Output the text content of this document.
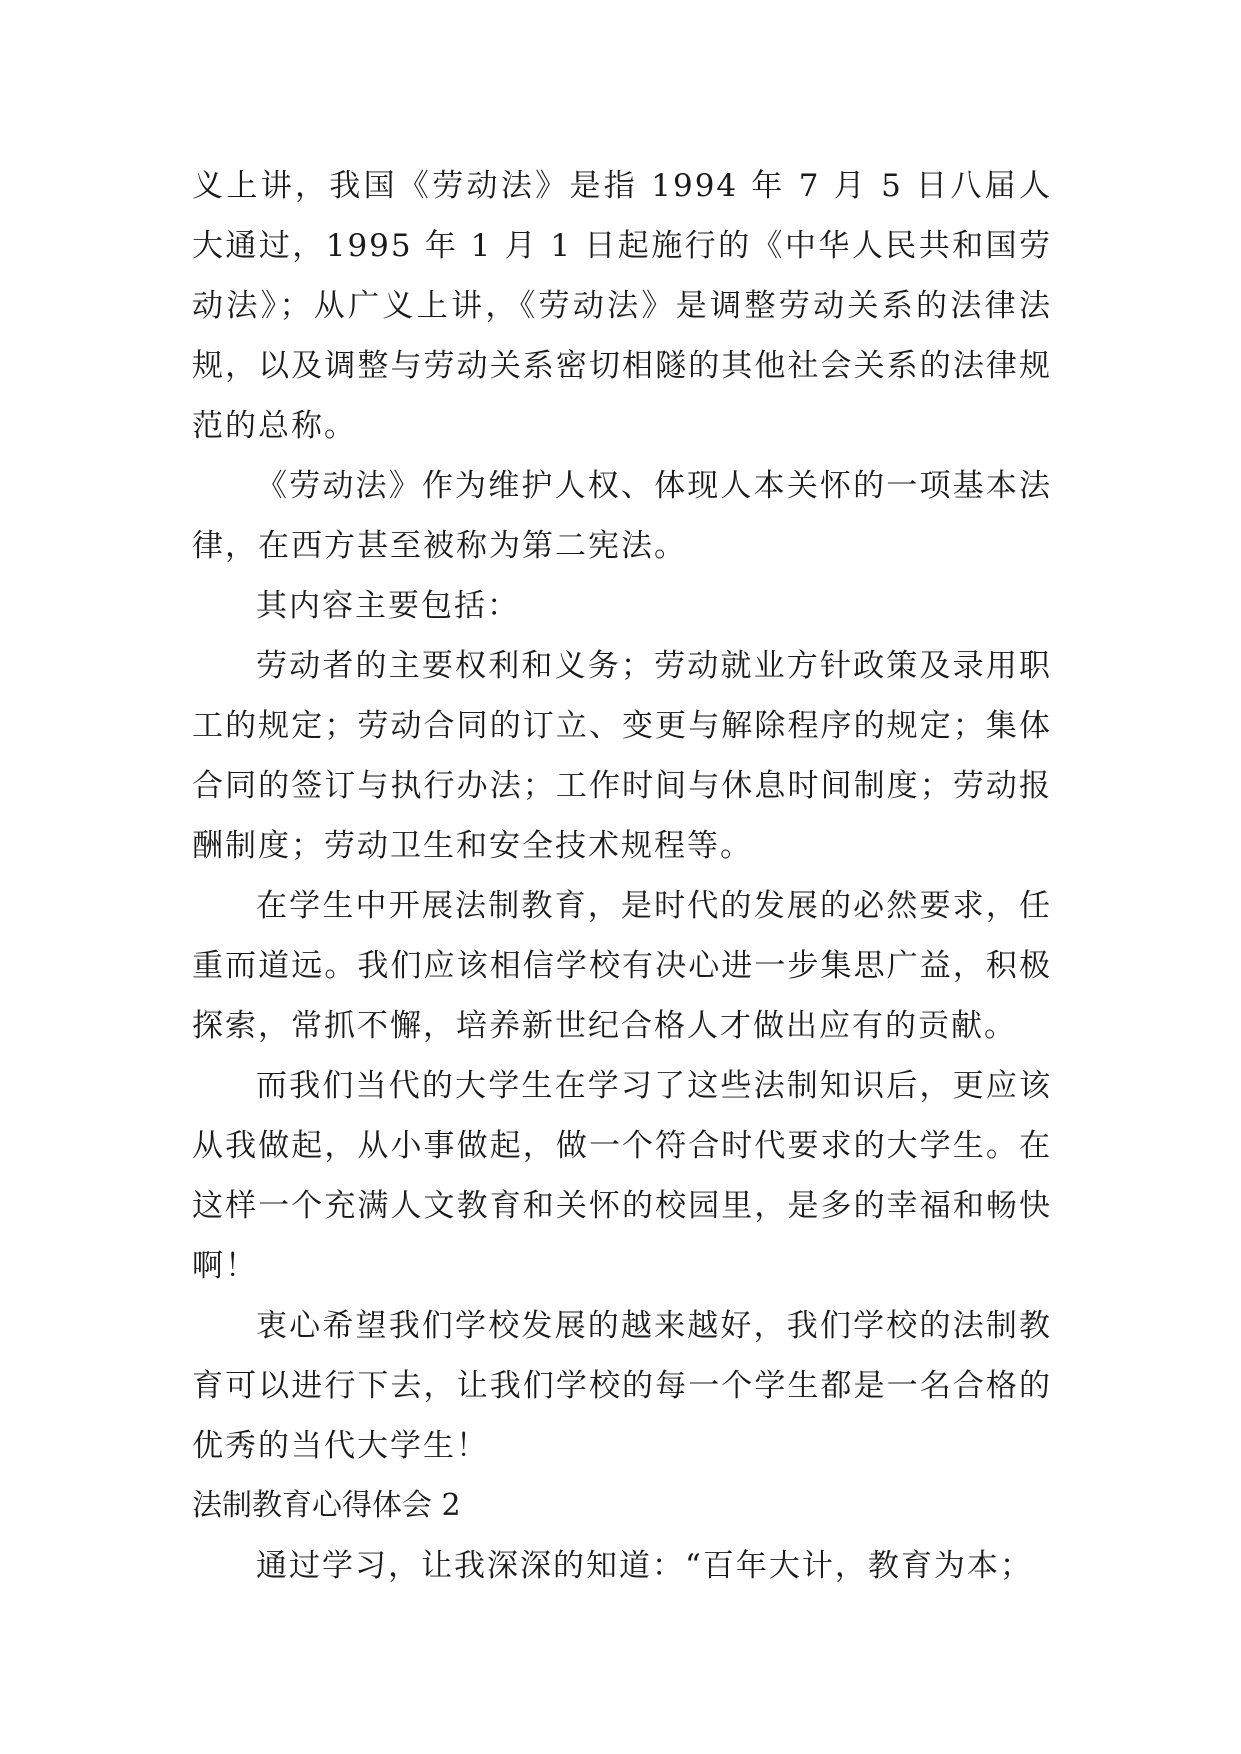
义上讲，我国《劳动法》是指 1994 年 7 月 5 日八届人大通过，1995 年 1 月 1 日起施行的《中华人民共和国劳动法》；从广义上讲，《劳动法》是调整劳动关系的法律法规，以及调整与劳动关系密切相隧的其他社会关系的法律规范的总称。

《劳动法》作为维护人权、体现人本关怀的一项基本法律，在西方甚至被称为第二宪法。

其内容主要包括：

劳动者的主要权利和义务；劳动就业方针政策及录用职工的规定；劳动合同的订立、变更与解除程序的规定；集体合同的签订与执行办法；工作时间与休息时间制度；劳动报酬制度；劳动卫生和安全技术规程等。

在学生中开展法制教育，是时代的发展的必然要求，任重而道远。我们应该相信学校有决心进一步集思广益，积极探索，常抓不懈，培养新世纪合格人才做出应有的贡献。

而我们当代的大学生在学习了这些法制知识后，更应该从我做起，从小事做起，做一个符合时代要求的大学生。在这样一个充满人文教育和关怀的校园里，是多的幸福和畅快啊！

衷心希望我们学校发展的越来越好，我们学校的法制教育可以进行下去，让我们学校的每一个学生都是一名合格的优秀的当代大学生！

法制教育心得体会 2

通过学习，让我深深的知道：“百年大计，教育为本；
